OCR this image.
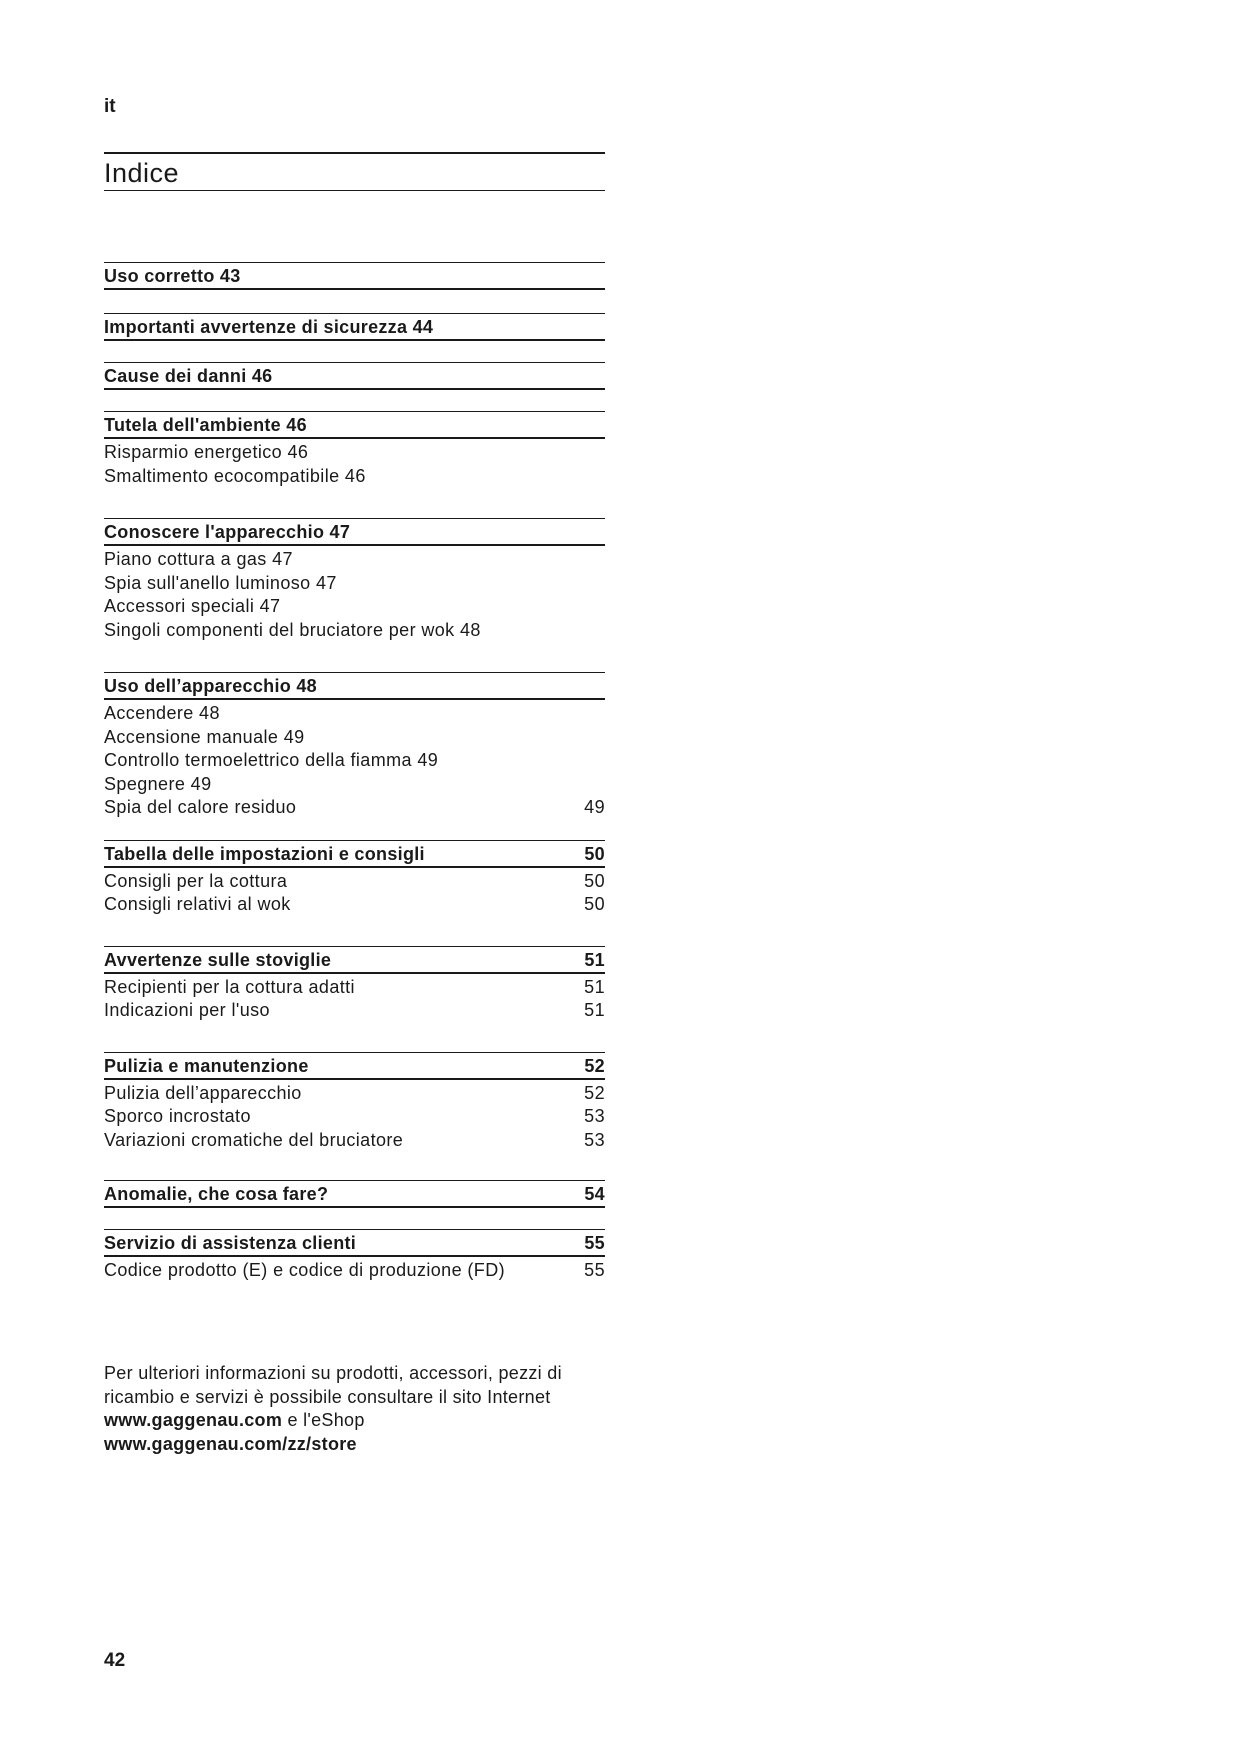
it
Indice
Uso corretto 43
Importanti avvertenze di sicurezza 44
Cause dei danni 46
Tutela dell'ambiente 46
Risparmio energetico 46
Smaltimento ecocompatibile 46
Conoscere l'apparecchio 47
Piano cottura a gas 47
Spia sull'anello luminoso 47
Accessori speciali 47
Singoli componenti del bruciatore per wok 48
Uso dell’apparecchio 48
Accendere 48
Accensione manuale 49
Controllo termoelettrico della fiamma 49
Spegnere 49
Spia del calore residuo	49
Tabella delle impostazioni e consigli	50
Consigli per la cottura	50
Consigli relativi al wok	50
Avvertenze sulle stoviglie	51
Recipienti per la cottura adatti	51
Indicazioni per l'uso	51
Pulizia e manutenzione	52
Pulizia dell’apparecchio	52
Sporco incrostato	53
Variazioni cromatiche del bruciatore	53
Anomalie, che cosa fare?	54
Servizio di assistenza clienti	55
Codice prodotto (E) e codice di produzione (FD)	55
Per ulteriori informazioni su prodotti, accessori, pezzi di
ricambio e servizi è possibile consultare il sito Internet
www.gaggenau.com e l'eShop
www.gaggenau.com/zz/store
42
